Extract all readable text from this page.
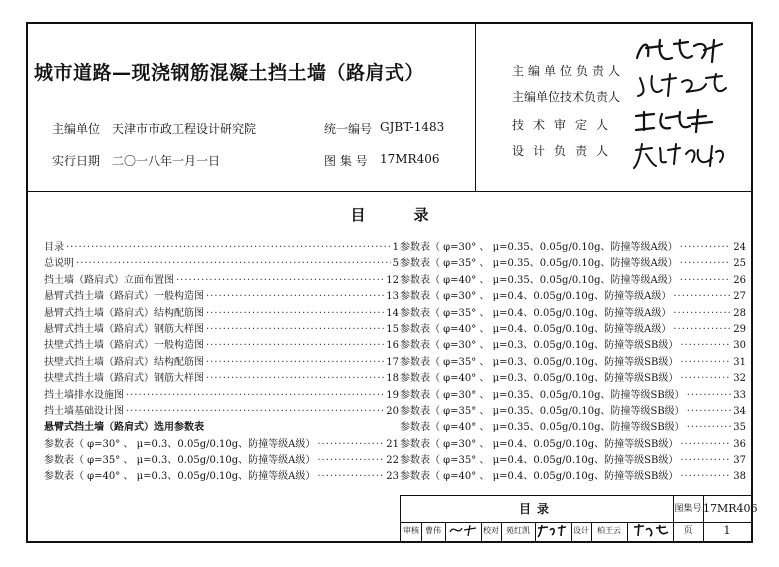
城市道路—现浇钢筋混凝土挡土墙（路肩式）
主编单位 天津市市政工程设计研究院	统一编号 GJBT-1483
实行日期 二〇一八年一月一日	图 集 号 17MR406
主编单位负责人
主编单位技术负责人
技术审定人
设计负责人
目	录
目录 ·····	1
总说明 ·····	5
挡土墙（路肩式）立面布置图 ·····	12
悬臂式挡土墙（路肩式）一般构造图 ·····	13
悬臂式挡土墙（路肩式）结构配筋图 ·····	14
悬臂式挡土墙（路肩式）钢筋大样图 ·····	15
扶壁式挡土墙（路肩式）一般构造图 ·····	16
扶壁式挡土墙（路肩式）结构配筋图 ·····	17
扶壁式挡土墙（路肩式）钢筋大样图 ·····	18
挡土墙排水设施图 ·····	19
挡土墙基础设计图 ·····	20
悬臂式挡土墙（路肩式）选用参数表
参数表（ φ=30° 、 μ=0.3、0.05g/0.10g、防撞等级A级） ·····	21
参数表（ φ=35° 、 μ=0.3、0.05g/0.10g、防撞等级A级） ·····	22
参数表（ φ=40° 、 μ=0.3、0.05g/0.10g、防撞等级A级） ·····	23
参数表（ φ=30° 、 μ=0.35、0.05g/0.10g、防撞等级A级） ·····	24
参数表（ φ=35° 、 μ=0.35、0.05g/0.10g、防撞等级A级） ·····	25
参数表（ φ=40° 、 μ=0.35、0.05g/0.10g、防撞等级A级） ·····	26
参数表（ φ=30° 、 μ=0.4、0.05g/0.10g、防撞等级A级） ·····	27
参数表（ φ=35° 、 μ=0.4、0.05g/0.10g、防撞等级A级） ·····	28
参数表（ φ=40° 、 μ=0.4、0.05g/0.10g、防撞等级A级） ·····	29
参数表（ φ=30° 、 μ=0.3、0.05g/0.10g、防撞等级SB级） ·····	30
参数表（ φ=35° 、 μ=0.3、0.05g/0.10g、防撞等级SB级） ·····	31
参数表（ φ=40° 、 μ=0.3、0.05g/0.10g、防撞等级SB级） ·····	32
参数表（ φ=30° 、 μ=0.35、0.05g/0.10g、防撞等级SB级） ·····	33
参数表（ φ=35° 、 μ=0.35、0.05g/0.10g、防撞等级SB级） ·····	34
参数表（ φ=40° 、 μ=0.35、0.05g/0.10g、防撞等级SB级） ·····	35
参数表（ φ=30° 、 μ=0.4、0.05g/0.10g、防撞等级SB级） ·····	36
参数表（ φ=35° 、 μ=0.4、0.05g/0.10g、防撞等级SB级） ·····	37
参数表（ φ=40° 、 μ=0.4、0.05g/0.10g、防撞等级SB级） ·····	38
目录	图集号 17MR406
审核 曹伟	校对 苑红凯	设计	柏王云	页	1
